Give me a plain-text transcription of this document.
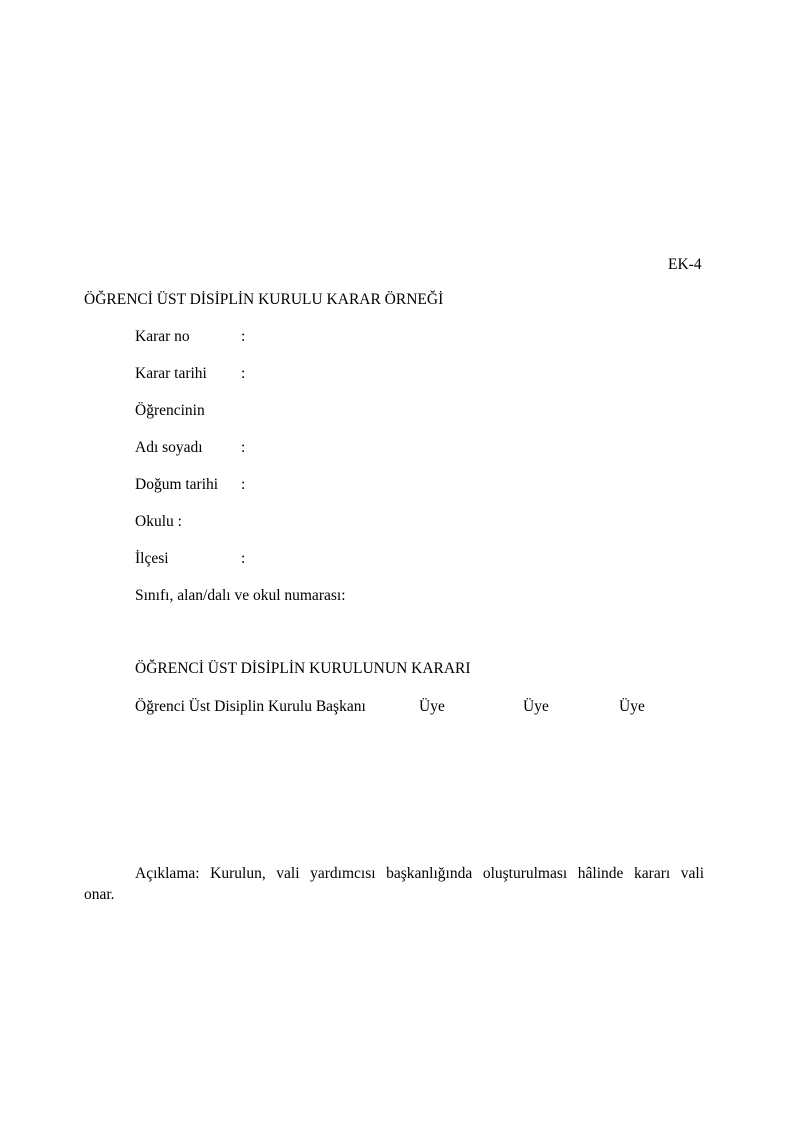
EK-4
ÖĞRENCİ ÜST DİSİPLİN KURULU KARAR ÖRNEĞİ
Karar no	:
Karar tarihi :
Öğrencinin
Adı soyadı :
Doğum tarihi :
Okulu :
İlçesi	:
Sınıfı, alan/dalı ve okul numarası:
ÖĞRENCİ ÜST DİSİPLİN KURULUNUN KARARI
Öğrenci Üst Disiplin Kurulu Başkanı	Üye	Üye	Üye
Açıklama: Kurulun, vali yardımcısı başkanlığında oluşturulması hâlinde kararı vali
onar.
